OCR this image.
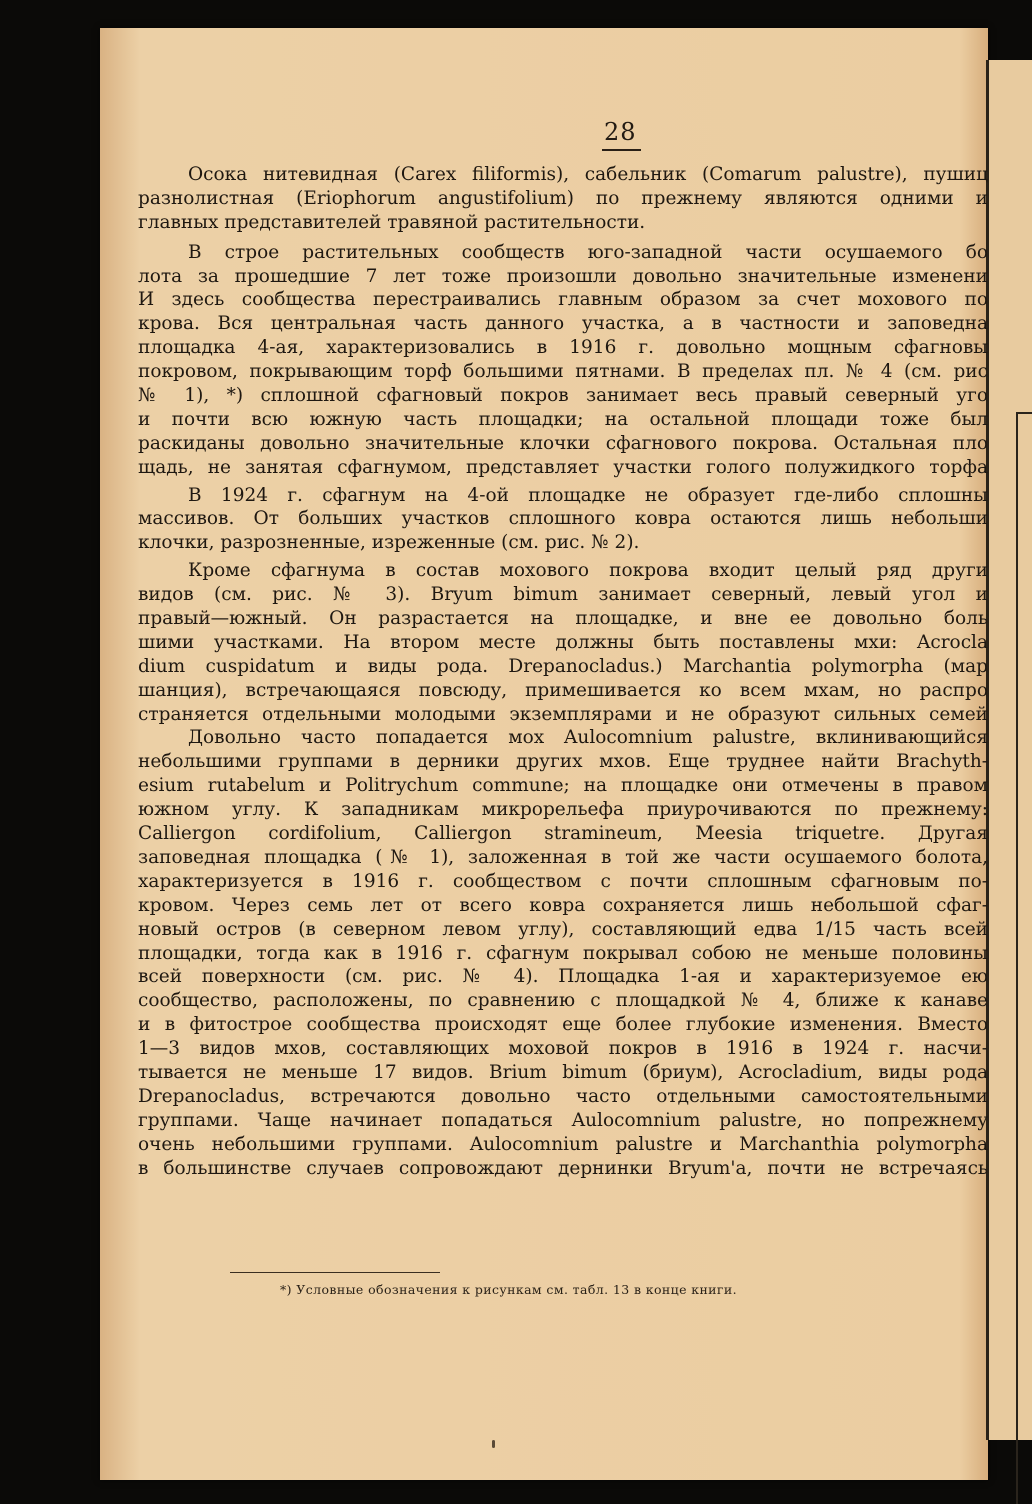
28
Осока нитевидная (Carex filiformis), сабельник (Comarum palustre), пушиц
разнолистная (Eriophorum angustifolium) по прежнему являются одними и
главных представителей травяной растительности.
В строе растительных сообществ юго-западной части осушаемого бо
лота за прошедшие 7 лет тоже произошли довольно значительные изменени
И здесь сообщества перестраивались главным образом за счет мохового по
крова. Вся центральная часть данного участка, а в частности и заповедна
площадка 4-ая, характеризовались в 1916 г. довольно мощным сфагновы
покровом, покрывающим торф большими пятнами. В пределах пл. № 4 (см. рис
№ 1), *) сплошной сфагновый покров занимает весь правый северный уго
и почти всю южную часть площадки; на остальной площади тоже был
раскиданы довольно значительные клочки сфагнового покрова. Остальная пло
щадь, не занятая сфагнумом, представляет участки голого полужидкого торфа
В 1924 г. сфагнум на 4-ой площадке не образует где-либо сплошны
массивов. От больших участков сплошного ковра остаются лишь небольши
клочки, разрозненные, изреженные (см. рис. № 2).
Кроме сфагнума в состав мохового покрова входит целый ряд други
видов (см. рис. № 3). Bryum bimum занимает северный, левый угол и
правый—южный. Он разрастается на площадке, и вне ее довольно боль
шими участками. На втором месте должны быть поставлены мхи: Acrocla
dium cuspidatum и виды рода. Drepanocladus.) Marchantia polymorpha (мар
шанция), встречающаяся повсюду, примешивается ко всем мхам, но распро
страняется отдельными молодыми экземплярами и не образуют сильных семей
Довольно часто попадается мох Aulocomnium palustre, вклинивающийся
небольшими группами в дерники других мхов. Еще труднее найти Brachyth-
esium rutabelum и Politrychum commune; на площадке они отмечены в правом
южном углу. К западникам микрорельефа приурочиваются по прежнему:
Calliergon cordifolium, Calliergon stramineum, Meesia triquetre. Другая
заповедная площадка (№ 1), заложенная в той же части осушаемого болота,
характеризуется в 1916 г. сообществом с почти сплошным сфагновым по-
кровом. Через семь лет от всего ковра сохраняется лишь небольшой сфаг-
новый остров (в северном левом углу), составляющий едва 1/15 часть всей
площадки, тогда как в 1916 г. сфагнум покрывал собою не меньше половины
всей поверхности (см. рис. № 4). Площадка 1-ая и характеризуемое ею
сообщество, расположены, по сравнению с площадкой № 4, ближе к канаве
и в фитострое сообщества происходят еще более глубокие изменения. Вместо
1—3 видов мхов, составляющих моховой покров в 1916 в 1924 г. насчи-
тывается не меньше 17 видов. Brium bimum (бриум), Acrocladium, виды рода
Drepanocladus, встречаются довольно часто отдельными самостоятельными
группами. Чаще начинает попадаться Aulocomnium palustre, но попрежнему
очень небольшими группами. Aulocomnium palustre и Marchanthia polymorpha
в большинстве случаев сопровождают дернинки Bryum'а, почти не встречаясь
*) Условные обозначения к рисункам см. табл. 13 в конце книги.
